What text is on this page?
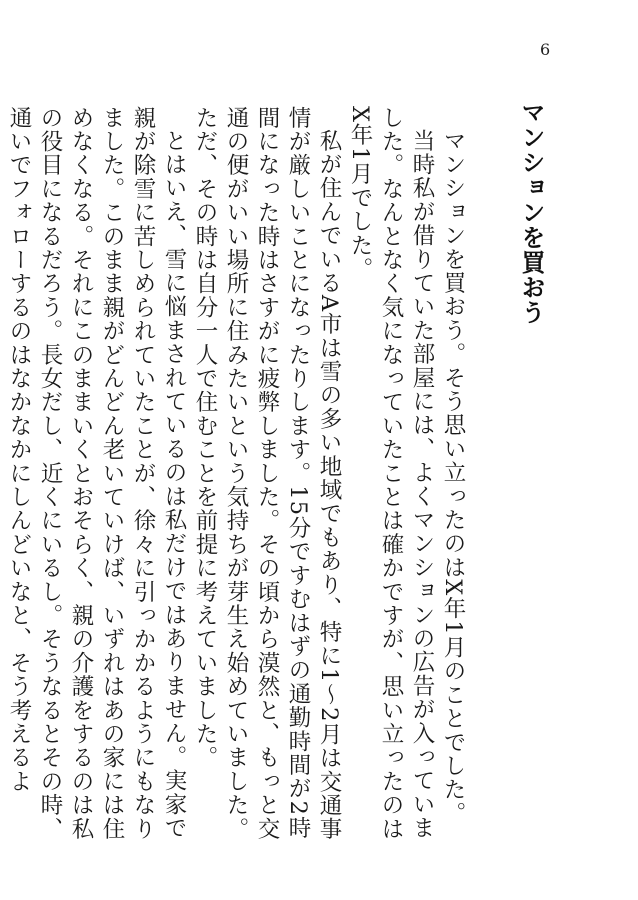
6
マンションを買おう

マンションを買おう。そう思い立ったのはX年1月のことでした。

当時私が借りていた部屋には、よくマンションの広告が入っていました。なんとなく気になっていたことは確かですが、思い立ったのはX年1月でした。

私が住んでいるA市は雪の多い地域でもあり、特に1〜2月は交通事情が厳しいことになったりします。15分ですむはずの通勤時間が2時間になった時はさすがに疲弊しました。その頃から漠然と、もっと交通の便がいい場所に住みたいという気持ちが芽生え始めていました。ただ、その時は自分一人で住むことを前提に考えていました。

とはいえ、雪に悩まされているのは私だけではありません。実家で親が除雪に苦しめられていたことが、徐々に引っかかるようにもなりました。このまま親がどんどん老いていけば、いずれはあの家には住めなくなる。それにこのままいくとおそらく、親の介護をするのは私の役目になるだろう。長女だし、近くにいるし。そうなるとその時、通いでフォローするのはなかなかにしんどいなと、そう考えるよ
